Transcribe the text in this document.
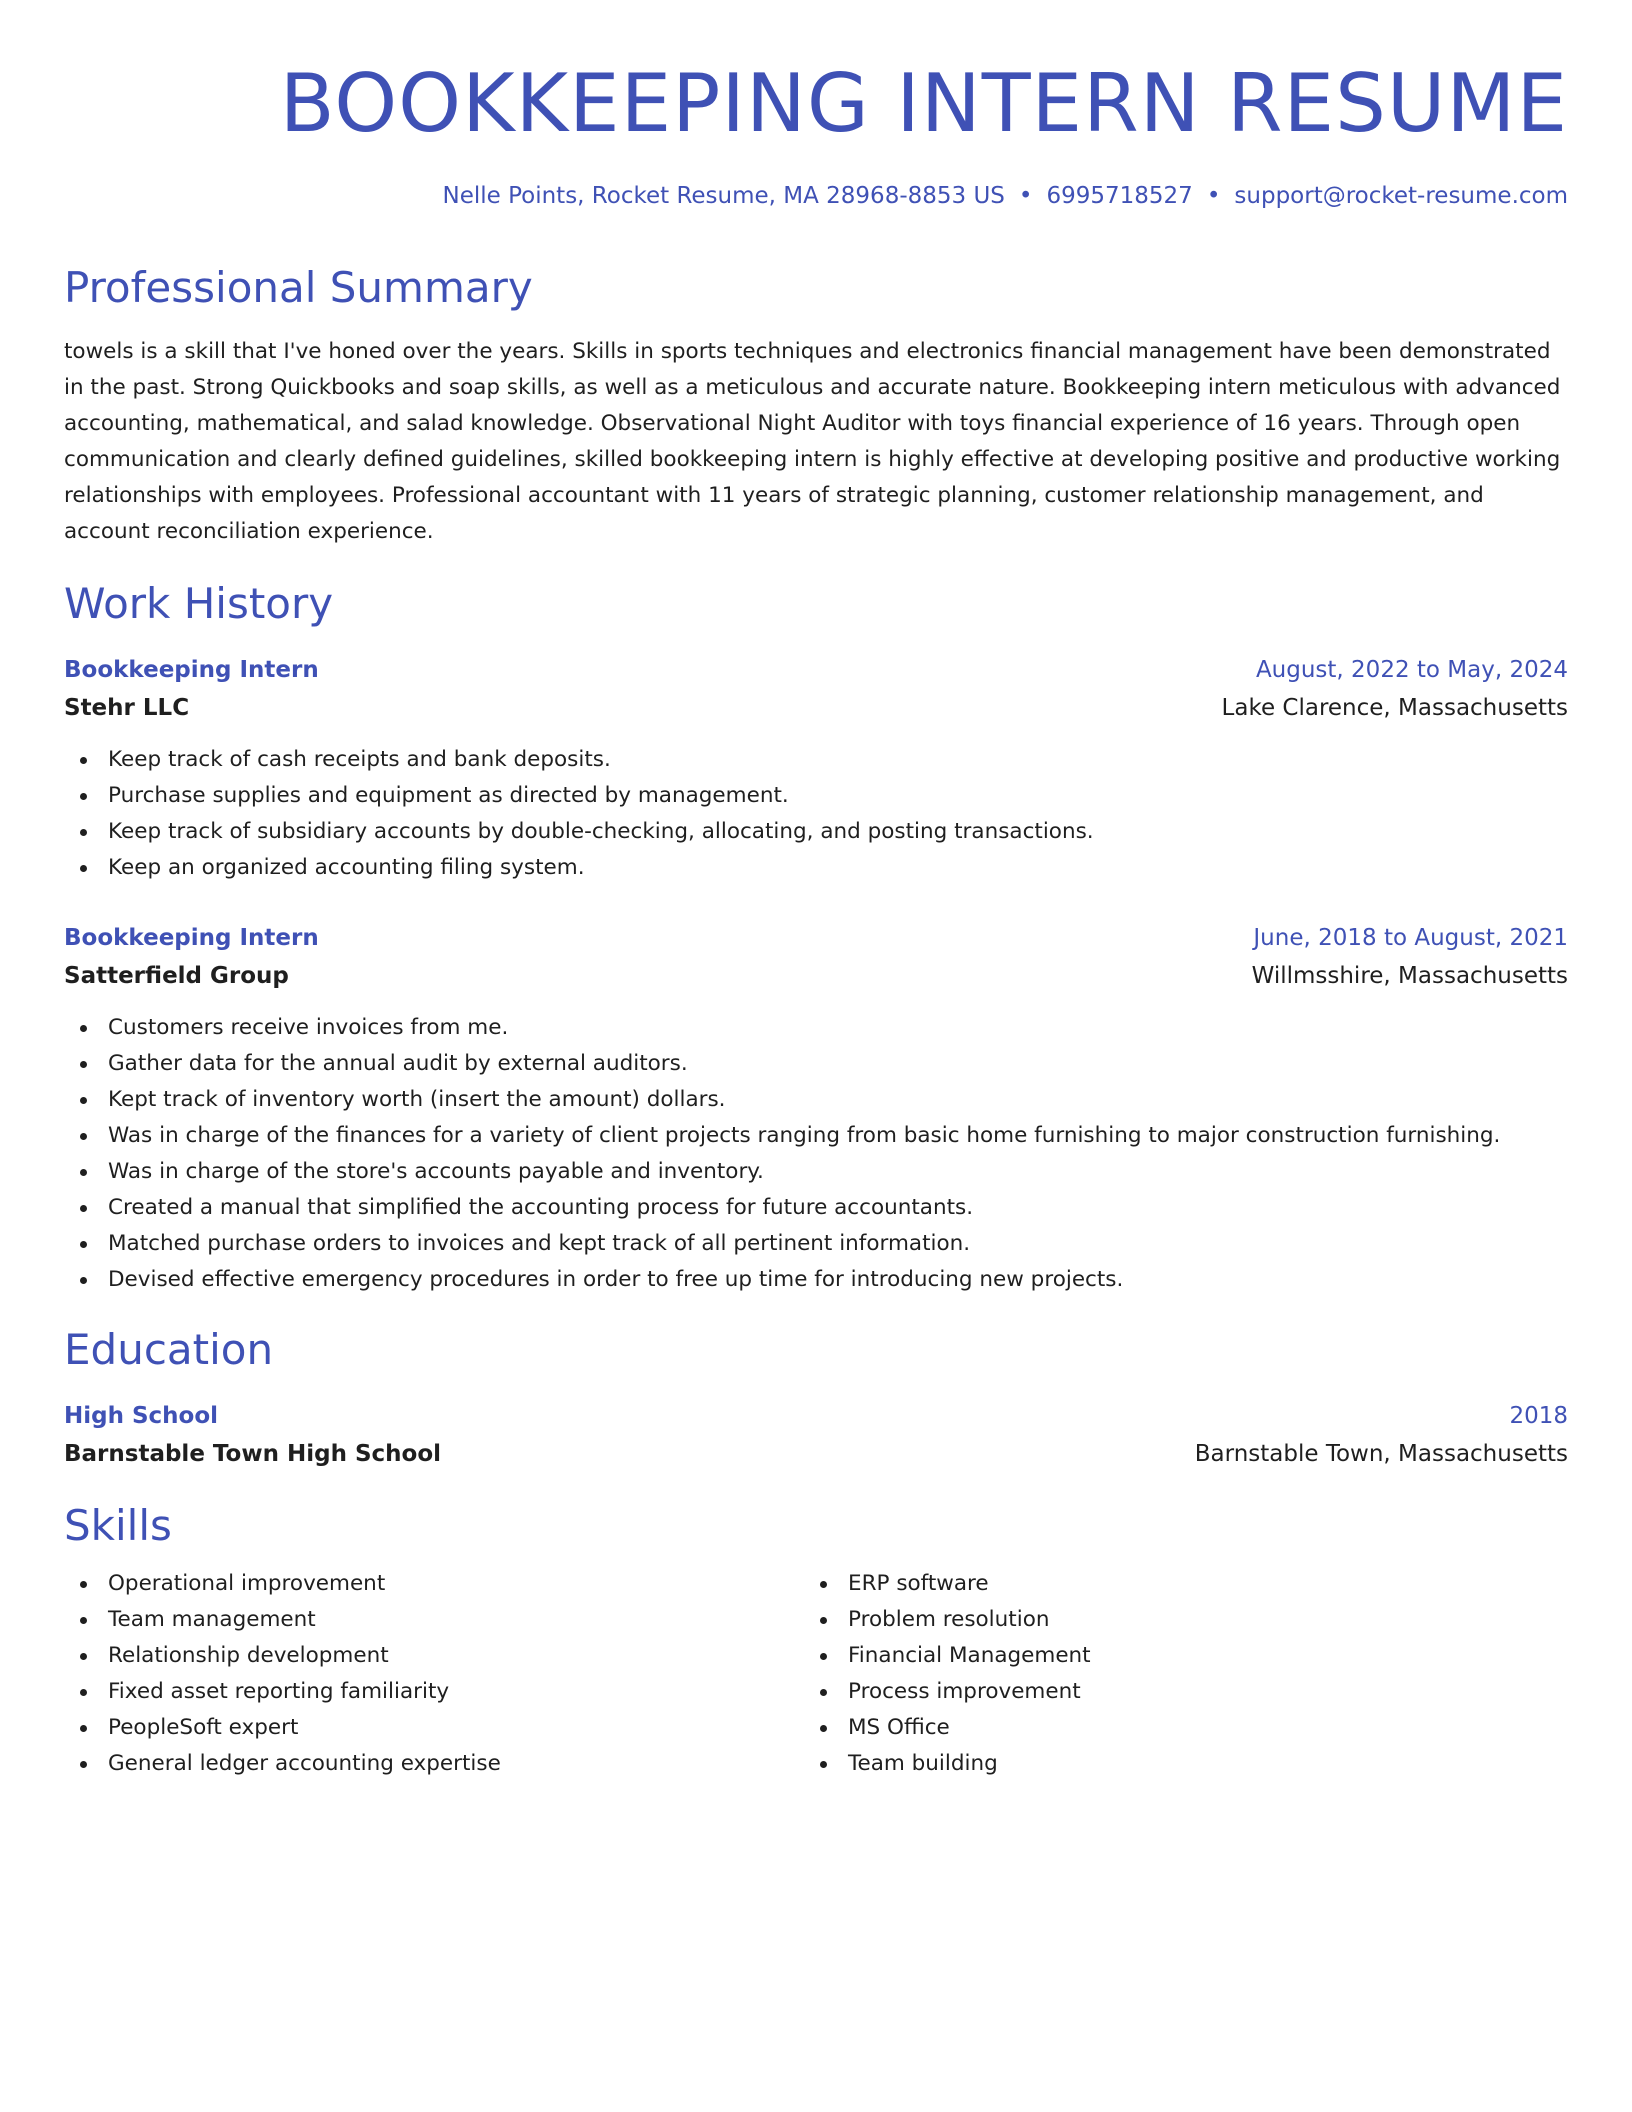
BOOKKEEPING INTERN RESUME
Nelle Points, Rocket Resume, MA 28968-8853 US • 6995718527 • support@rocket-resume.com
Professional Summary
towels is a skill that I've honed over the years. Skills in sports techniques and electronics financial management have been demonstrated in the past. Strong Quickbooks and soap skills, as well as a meticulous and accurate nature. Bookkeeping intern meticulous with advanced accounting, mathematical, and salad knowledge. Observational Night Auditor with toys financial experience of 16 years. Through open communication and clearly defined guidelines, skilled bookkeeping intern is highly effective at developing positive and productive working relationships with employees. Professional accountant with 11 years of strategic planning, customer relationship management, and account reconciliation experience.
Work History
Bookkeeping Intern	August, 2022 to May, 2024
Stehr LLC	Lake Clarence, Massachusetts
Keep track of cash receipts and bank deposits.
Purchase supplies and equipment as directed by management.
Keep track of subsidiary accounts by double-checking, allocating, and posting transactions.
Keep an organized accounting filing system.
Bookkeeping Intern	June, 2018 to August, 2021
Satterfield Group	Willmsshire, Massachusetts
Customers receive invoices from me.
Gather data for the annual audit by external auditors.
Kept track of inventory worth (insert the amount) dollars.
Was in charge of the finances for a variety of client projects ranging from basic home furnishing to major construction furnishing.
Was in charge of the store's accounts payable and inventory.
Created a manual that simplified the accounting process for future accountants.
Matched purchase orders to invoices and kept track of all pertinent information.
Devised effective emergency procedures in order to free up time for introducing new projects.
Education
High School	2018
Barnstable Town High School	Barnstable Town, Massachusetts
Skills
Operational improvement
Team management
Relationship development
Fixed asset reporting familiarity
PeopleSoft expert
General ledger accounting expertise
ERP software
Problem resolution
Financial Management
Process improvement
MS Office
Team building
